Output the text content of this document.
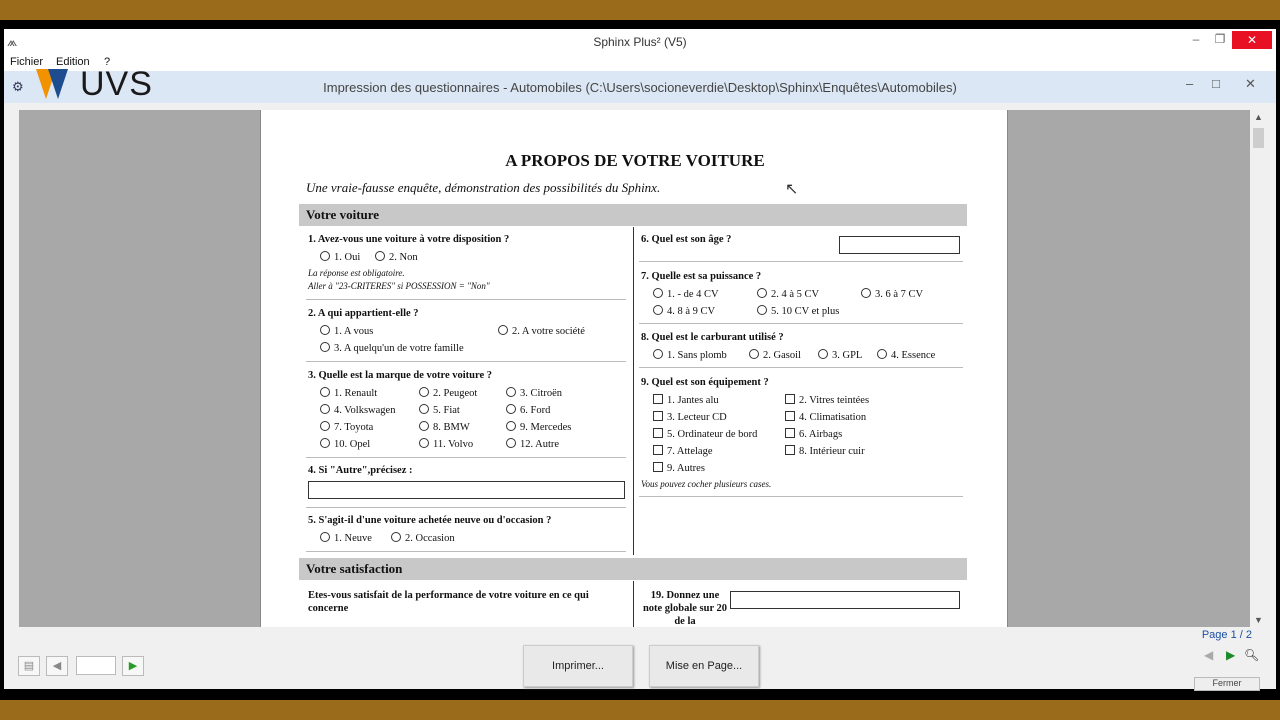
⩕	Sphinx Plus² (V5)	–	❐	✕
Fichier Edition ?
⚙	Impression des questionnaires - Automobiles (C:\Users\socioneverdie\Desktop\Sphinx\Enquêtes\Automobiles)	– □ ✕
UVS
A PROPOS DE VOTRE VOITURE
Une vraie-fausse enquête, démonstration des possibilités du Sphinx.
Votre voiture
1. Avez-vous une voiture à votre disposition ?
1. Oui	2. Non
La réponse est obligatoire.
Aller à "23-CRITERES" si POSSESSION = "Non"
2. A qui appartient-elle ?
1. A vous	2. A votre société
3. A quelqu'un de votre famille
3. Quelle est la marque de votre voiture ?
1. Renault	2. Peugeot	3. Citroën
4. Volkswagen	5. Fiat	6. Ford
7. Toyota	8. BMW	9. Mercedes
10. Opel	11. Volvo	12. Autre
4. Si "Autre",précisez :
5. S'agit-il d'une voiture achetée neuve ou d'occasion ?
1. Neuve	2. Occasion
6. Quel est son âge ?
7. Quelle est sa puissance ?
1. - de 4 CV	2. 4 à 5 CV	3. 6 à 7 CV
4. 8 à 9 CV	5. 10 CV et plus
8. Quel est le carburant utilisé ?
1. Sans plomb	2. Gasoil	3. GPL	4. Essence
9. Quel est son équipement ?
1. Jantes alu	2. Vitres teintées
3. Lecteur CD	4. Climatisation
5. Ordinateur de bord	6. Airbags
7. Attelage	8. Intérieur cuir
9. Autres
Vous pouvez cocher plusieurs cases.
Votre satisfaction
Etes-vous satisfait de la performance de votre voiture en ce qui concerne
19. Donnez une note globale sur 20 de la
↖
▲
▼
▤	◀	▶	Imprimer...	Mise en Page...
Page 1 / 2
◀ ▶ 🔍︎
Fermer
